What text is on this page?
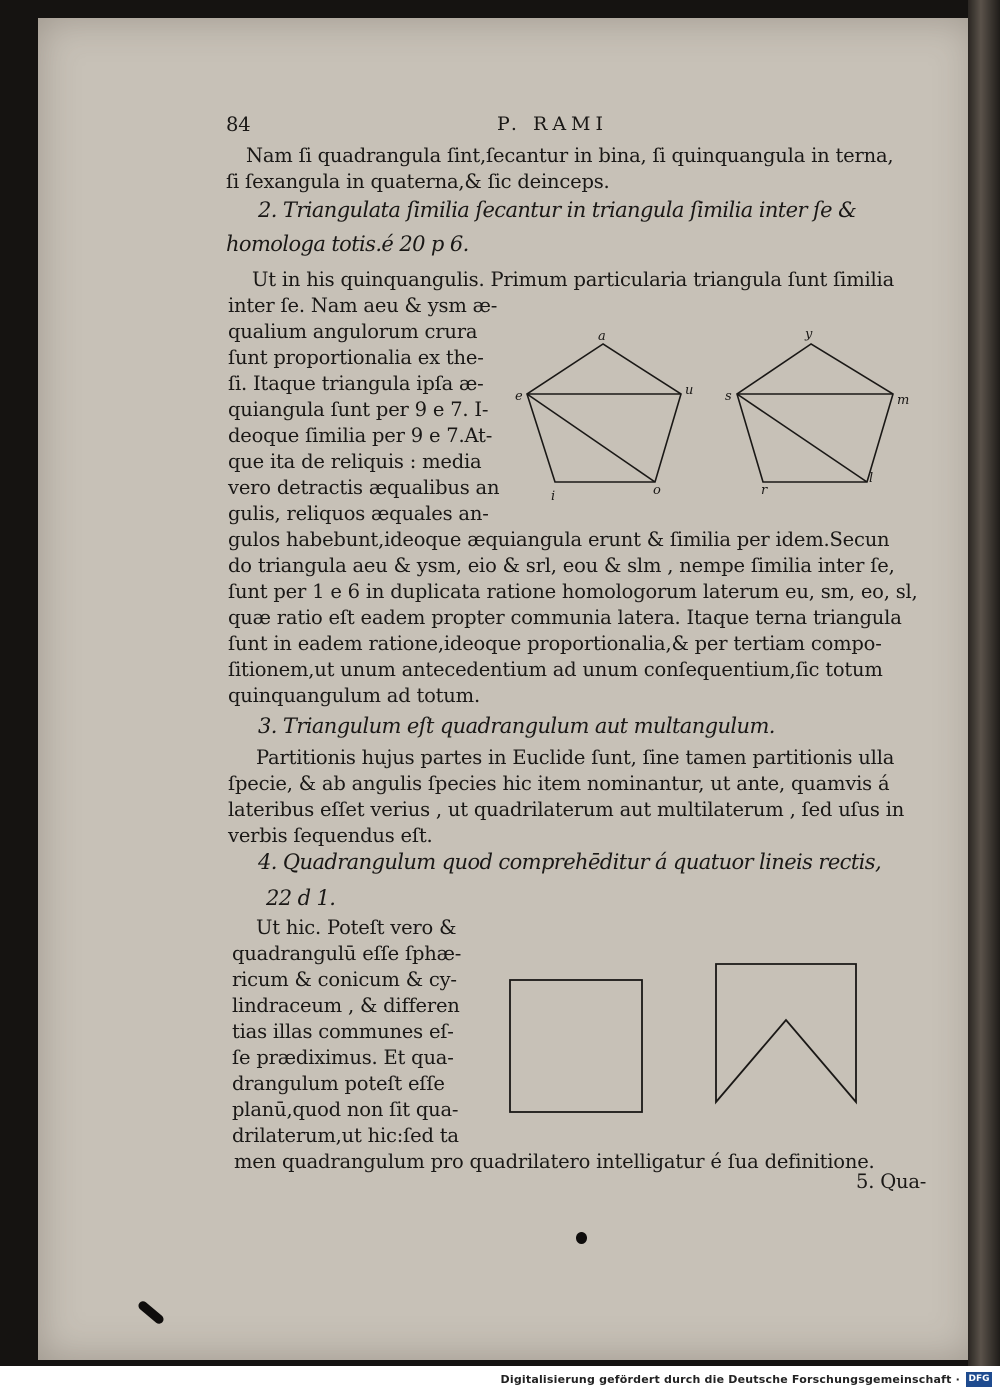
84	P. RAMI
Nam ſi quadrangula ſint,ſecantur in bina, ſi quinquangula in terna,
ſi ſexangula in quaterna,& ſic deinceps.
2. Triangulata ſimilia ſecantur in triangula ſimilia inter ſe &
homologa totis.é 20 p 6.
Ut in his quinquangulis. Primum particularia triangula ſunt ſimilia
inter ſe. Nam aeu & ysm æ-
qualium angulorum crura
ſunt proportionalia ex the-
ſi. Itaque triangula ipſa æ-
quiangula ſunt per 9 e 7. I-
deoque ſimilia per 9 e 7.At-
que ita de reliquis : media
vero detractis æqualibus an
gulis, reliquos æquales an-
a
e	u
i	o
y
s	m
r
l
gulos habebunt,ideoque æquiangula erunt & ſimilia per idem.Secun
do triangula aeu & ysm, eio & srl, eou & slm , nempe ſimilia inter ſe,
ſunt per 1 e 6 in duplicata ratione homologorum laterum eu, sm, eo, sl,
quæ ratio eſt eadem propter communia latera. Itaque terna triangula
ſunt in eadem ratione,ideoque proportionalia,& per tertiam compo-
ſitionem,ut unum antecedentium ad unum conſequentium,ſic totum
quinquangulum ad totum.
3. Triangulum eſt quadrangulum aut multangulum.
Partitionis hujus partes in Euclide ſunt, ſine tamen partitionis ulla
ſpecie, & ab angulis ſpecies hic item nominantur, ut ante, quamvis á
lateribus eſſet verius , ut quadrilaterum aut multilaterum , ſed uſus in
verbis ſequendus eſt.
4. Quadrangulum quod comprehēditur á quatuor lineis rectis,
22 d 1.
Ut hic. Poteſt vero &
quadrangulū eſſe ſphæ-
ricum & conicum & cy-
lindraceum , & differen
tias illas communes eſ-
ſe prædiximus. Et qua-
drangulum poteſt eſſe
planū,quod non ſit qua-
drilaterum,ut hic:ſed ta
men quadrangulum pro quadrilatero intelligatur é ſua definitione.
5. Qua-
Digitalisierung gefördert durch die Deutsche Forschungsgemeinschaft · DFG
